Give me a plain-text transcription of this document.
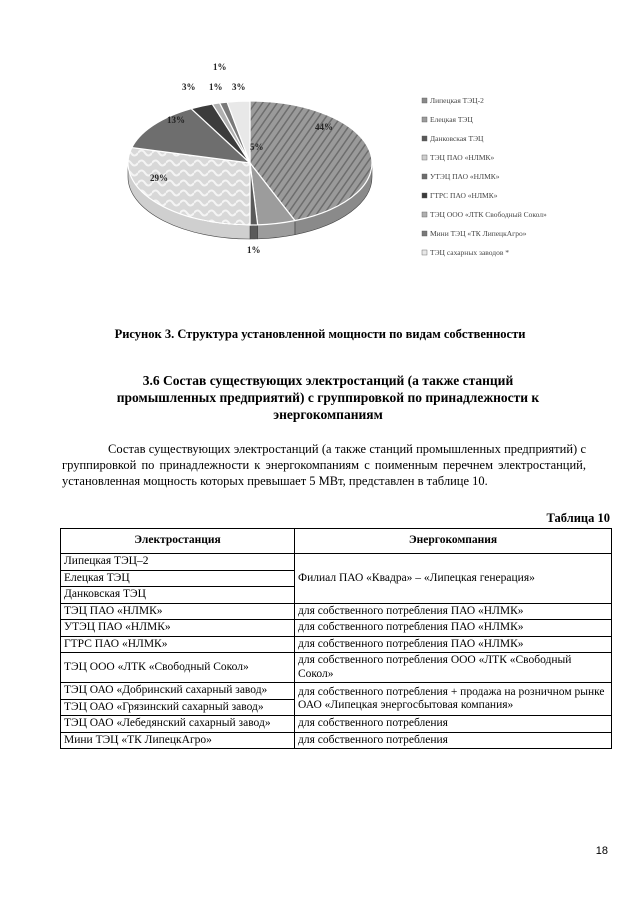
1%
3%
1%
3%
44%
5%
1%
29%
13%
Липецкая ТЭЦ-2
Елецкая ТЭЦ
Данковская ТЭЦ
ТЭЦ ПАО «НЛМК»
УТЭЦ ПАО «НЛМК»
ГТРС ПАО «НЛМК»
ТЭЦ ООО «ЛТК Свободный Сокол»
Мини ТЭЦ «ТК ЛипецкАгро»
ТЭЦ сахарных заводов *
Рисунок 3. Структура установленной мощности по видам собственности
3.6 Состав существующих электростанций (а также станций промышленных предприятий) с группировкой по принадлежности к энергокомпаниям
Состав существующих электростанций (а также станций промышленных предприятий) с группировкой по принадлежности к энергокомпаниям с поименным перечнем электростанций, установленная мощность которых превышает 5 МВт, представлен в таблице 10.
Таблица 10
Электростанция	Энергокомпания
Липецкая ТЭЦ–2	Филиал ПАО «Квадра» – «Липецкая генерация»
Елецкая ТЭЦ	
Данковская ТЭЦ	
ТЭЦ ПАО «НЛМК»	для собственного потребления ПАО «НЛМК»
УТЭЦ ПАО «НЛМК»	для собственного потребления ПАО «НЛМК»
ГТРС ПАО «НЛМК»	для собственного потребления ПАО «НЛМК»
ТЭЦ ООО «ЛТК «Свободный Сокол»	для собственного потребления ООО «ЛТК «Свободный Сокол»
ТЭЦ ОАО «Добринский сахарный завод»	для собственного потребления + продажа на розничном рынке ОАО «Липецкая энергосбытовая компания»
ТЭЦ ОАО «Грязинский сахарный завод»	
ТЭЦ ОАО «Лебедянский сахарный завод»	для собственного потребления
Мини ТЭЦ «ТК ЛипецкАгро»	для собственного потребления
18
